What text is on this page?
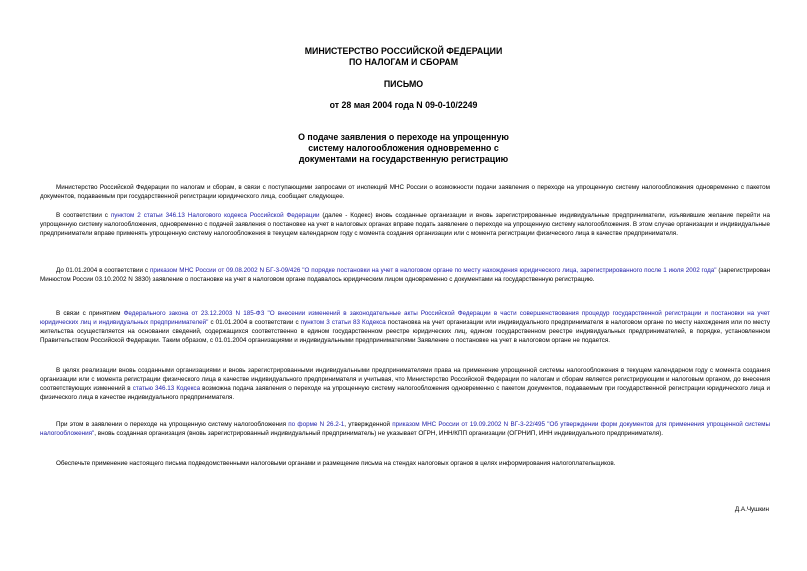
МИНИСТЕРСТВО РОССИЙСКОЙ ФЕДЕРАЦИИ
ПО НАЛОГАМ И СБОРАМ
ПИСЬМО
от 28 мая 2004 года N 09-0-10/2249
О подаче заявления о переходе на упрощенную
систему налогообложения одновременно с
документами на государственную регистрацию

Министерство Российской Федерации по налогам и сборам, в связи с поступающими запросами от инспекций МНС России о возможности подачи заявления о переходе на упрощенную систему налогообложения одновременно с пакетом документов, подаваемым при государственной регистрации юридического лица, сообщает следующее.

В соответствии с пунктом 2 статьи 346.13 Налогового кодекса Российской Федерации (далее - Кодекс) вновь созданные организации и вновь зарегистрированные индивидуальные предприниматели, изъявившие желание перейти на упрощенную систему налогообложения, одновременно с подачей заявления о постановке на учет в налоговых органах вправе подать заявление о переходе на упрощенную систему налогообложения. В этом случае организации и индивидуальные предприниматели вправе применять упрощенную систему налогообложения в текущем календарном году с момента создания организации или с момента регистрации физического лица в качестве предпринимателя.

До 01.01.2004 в соответствии с приказом МНС России от 09.08.2002 N БГ-3-09/426 "О порядке постановки на учет в налоговом органе по месту нахождения юридического лица, зарегистрированного после 1 июля 2002 года" (зарегистрирован Минюстом России 03.10.2002 N 3830) заявление о постановке на учет в налоговом органе подавалось юридическим лицом одновременно с документами на государственную регистрацию.

В связи с принятием Федерального закона от 23.12.2003 N 185-ФЗ "О внесении изменений в законодательные акты Российской Федерации в части совершенствования процедур государственной регистрации и постановки на учет юридических лиц и индивидуальных предпринимателей" с 01.01.2004 в соответствии с пунктом 3 статьи 83 Кодекса постановка на учет организации или индивидуального предпринимателя в налоговом органе по месту нахождения или по месту жительства осуществляется на основании сведений, содержащихся соответственно в едином государственном реестре юридических лиц, едином государственном реестре индивидуальных предпринимателей, в порядке, установленном Правительством Российской Федерации. Таким образом, с 01.01.2004 организациями и индивидуальными предпринимателями Заявление о постановке на учет в налоговом органе не подается.

В целях реализации вновь созданными организациями и вновь зарегистрированными индивидуальными предпринимателями права на применение упрощенной системы налогообложения в текущем календарном году с момента создания организации или с момента регистрации физического лица в качестве индивидуального предпринимателя и учитывая, что Министерство Российской Федерации по налогам и сборам является регистрирующим и налоговым органом, до внесения соответствующих изменений в статью 346.13 Кодекса возможна подача заявления о переходе на упрощенную систему налогообложения одновременно с пакетом документов, подаваемым при государственной регистрации юридического лица и физического лица в качестве индивидуального предпринимателя.

При этом в заявлении о переходе на упрощенную систему налогообложения по форме N 26.2-1, утвержденной приказом МНС России от 19.09.2002 N ВГ-3-22/495 "Об утверждении форм документов для применения упрощенной системы налогообложения", вновь созданная организация (вновь зарегистрированный индивидуальный предприниматель) не указывает ОГРН, ИНН/КПП организации (ОГРНИП, ИНН индивидуального предпринимателя).

Обеспечьте применение настоящего письма подведомственными налоговыми органами и размещение письма на стендах налоговых органов в целях информирования налогоплательщиков.

Д.А.Чушкин
